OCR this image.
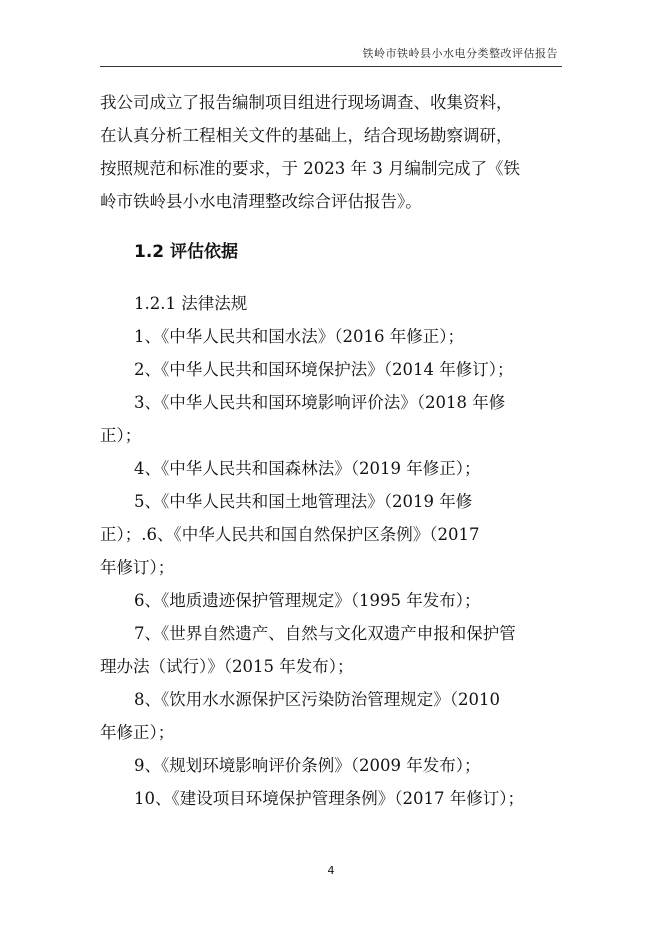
铁岭市铁岭县小水电分类整改评估报告
我公司成立了报告编制项目组进行现场调查、收集资料，
在认真分析工程相关文件的基础上，结合现场勘察调研，
按照规范和标准的要求，于 2023 年 3 月编制完成了《铁
岭市铁岭县小水电清理整改综合评估报告》。
1.2 评估依据
1.2.1 法律法规
1、《中华人民共和国水法》（2016 年修正）；
2、《中华人民共和国环境保护法》（2014 年修订）；
3、《中华人民共和国环境影响评价法》（2018 年修
正）；
4、《中华人民共和国森林法》（2019 年修正）；
5、《中华人民共和国土地管理法》（2019 年修
正）；.6、《中华人民共和国自然保护区条例》（2017
年修订）；
6、《地质遗迹保护管理规定》（1995 年发布）；
7、《世界自然遗产、自然与文化双遗产申报和保护管
理办法（试行）》（2015 年发布）；
8、《饮用水水源保护区污染防治管理规定》（2010
年修正）；
9、《规划环境影响评价条例》（2009 年发布）；
10、《建设项目环境保护管理条例》（2017 年修订）；
4
